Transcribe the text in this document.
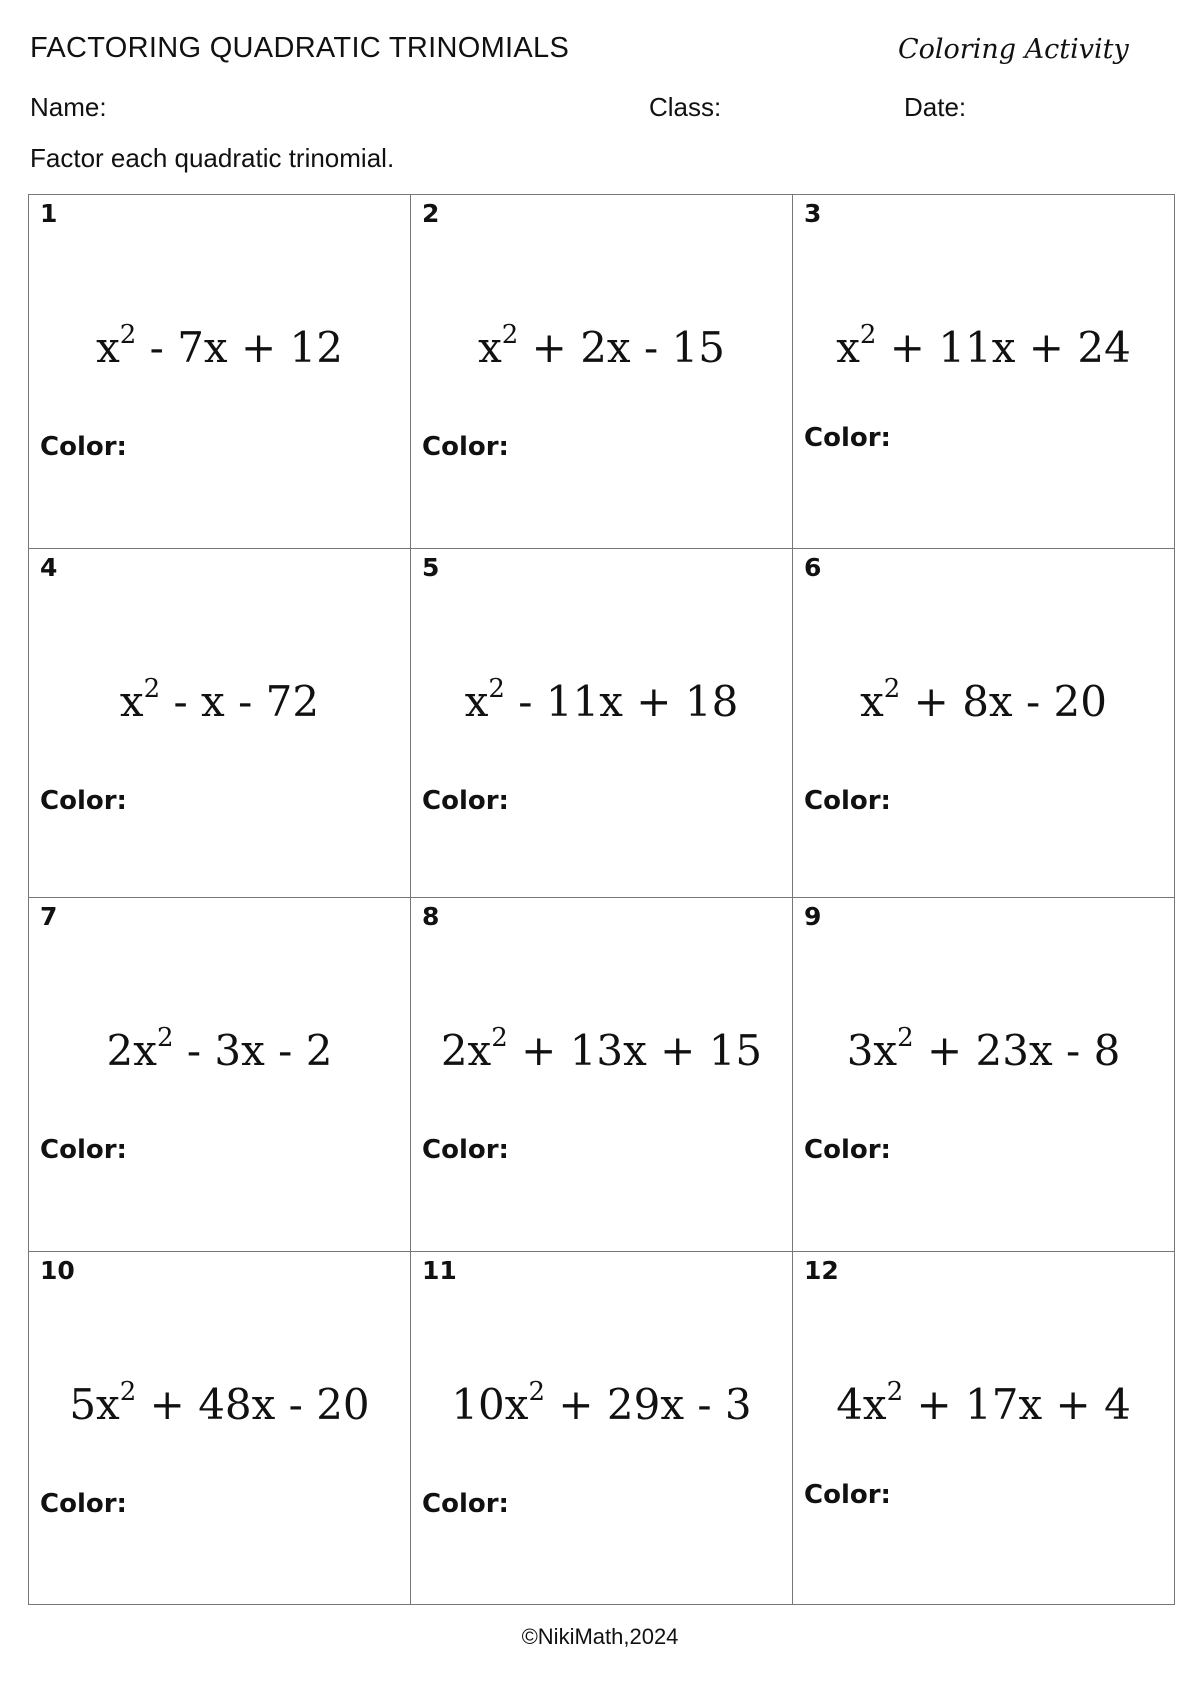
FACTORING QUADRATIC TRINOMIALS	Coloring Activity
Name:	Class:	Date:
Factor each quadratic trinomial.
1
$x^2 - 7x + 12$
Color:	2
$x^2 + 2x - 15$
Color:	3
$x^2 + 11x + 24$
Color:

4
$x^2$ - x - 72
Color:	5
$x^2 - 11x + 18$
Color:	6
$x^2 + 8x - 20$
Color:

7
$2x^2 - 3x - 2$
Color:	8
$2x^2 + 13x + 15$
Color:	9
$3x^2 + 23x - 8$
Color:

10
$5x^2 + 48x - 20$
Color:	11
$10x^2 + 29x - 3$
Color:	12
$4x^2 + 17x + 4$
Color:
©NikiMath,2024
